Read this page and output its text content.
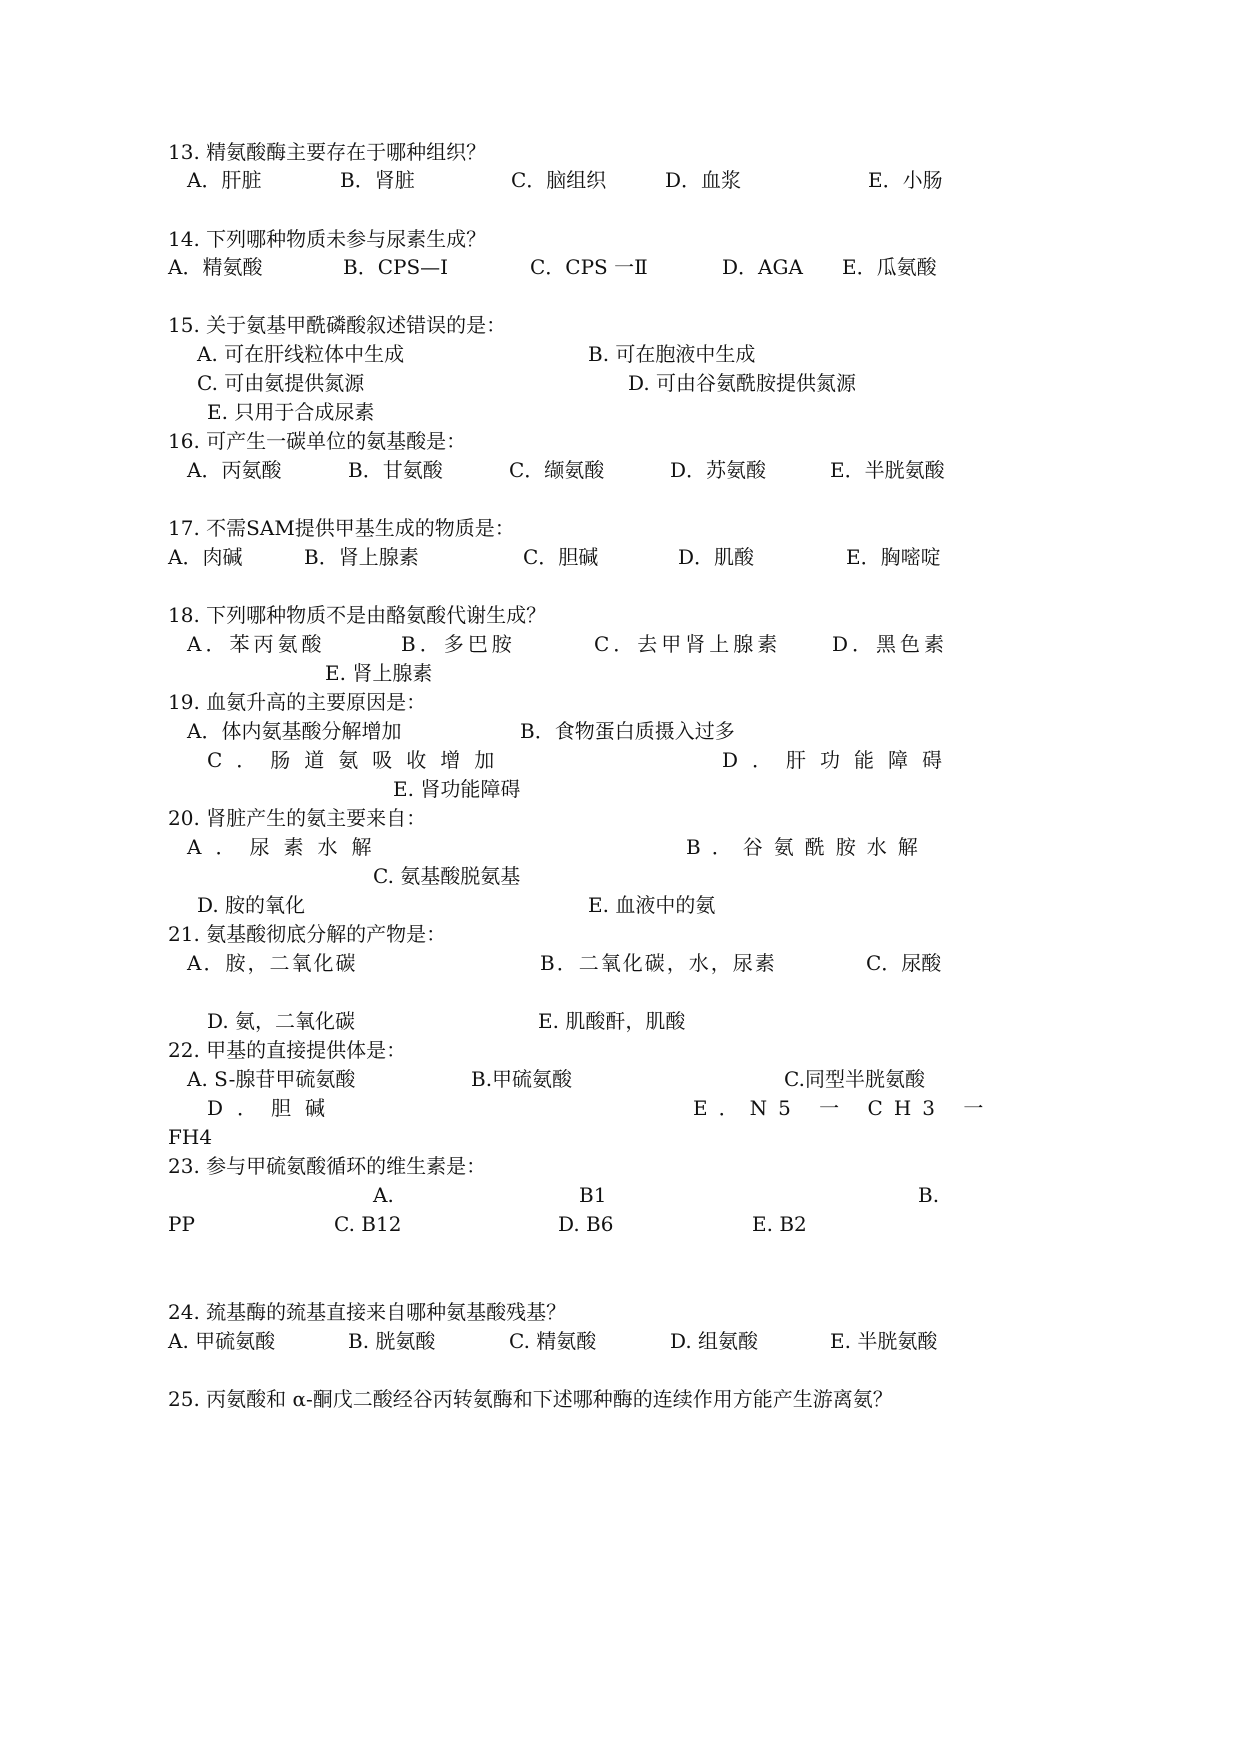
13. 精氨酸酶主要存在于哪种组织？
A．肝脏	B．肾脏	C．脑组织	D．血浆	E．小肠
14. 下列哪种物质未参与尿素生成？
A．精氨酸	B．CPS—I	C．CPS 一Ⅱ	D．AGA E．瓜氨酸
15. 关于氨基甲酰磷酸叙述错误的是：
A. 可在肝线粒体中生成	B. 可在胞液中生成
C. 可由氨提供氮源	D. 可由谷氨酰胺提供氮源
E. 只用于合成尿素
16. 可产生一碳单位的氨基酸是：
A．丙氨酸	B．甘氨酸	C．缬氨酸	D．苏氨酸	E．半胱氨酸
17. 不需SAM提供甲基生成的物质是：
A．肉碱	B．肾上腺素	C．胆碱	D．肌酸	E．胸嘧啶
18. 下列哪种物质不是由酪氨酸代谢生成？
A．苯丙氨酸	B．多巴胺	C．去甲肾上腺素	D．黑色素
E. 肾上腺素
19. 血氨升高的主要原因是：
A．体内氨基酸分解增加	B．食物蛋白质摄入过多
C．肠道氨吸收增加	D．肝功能障碍
E. 肾功能障碍
20. 肾脏产生的氨主要来自：
A．尿素水解	B．谷氨酰胺水解
C. 氨基酸脱氨基
D. 胺的氧化	E. 血液中的氨
21. 氨基酸彻底分解的产物是：
A．胺，二氧化碳	B．二氧化碳，水，尿素	C．尿酸
D. 氨，二氧化碳	E. 肌酸酐，肌酸
22. 甲基的直接提供体是：
A. S-腺苷甲硫氨酸	B.甲硫氨酸	C.同型半胱氨酸
D．胆碱	E．N5 一 CH3 一
FH4
23. 参与甲硫氨酸循环的维生素是：
A.	B1	B.
PP	C. B12	D. B6	E. B2
24. 巯基酶的巯基直接来自哪种氨基酸残基？
A. 甲硫氨酸	B. 胱氨酸	C. 精氨酸	D. 组氨酸	E. 半胱氨酸
25. 丙氨酸和 α-酮戊二酸经谷丙转氨酶和下述哪种酶的连续作用方能产生游离氨？
